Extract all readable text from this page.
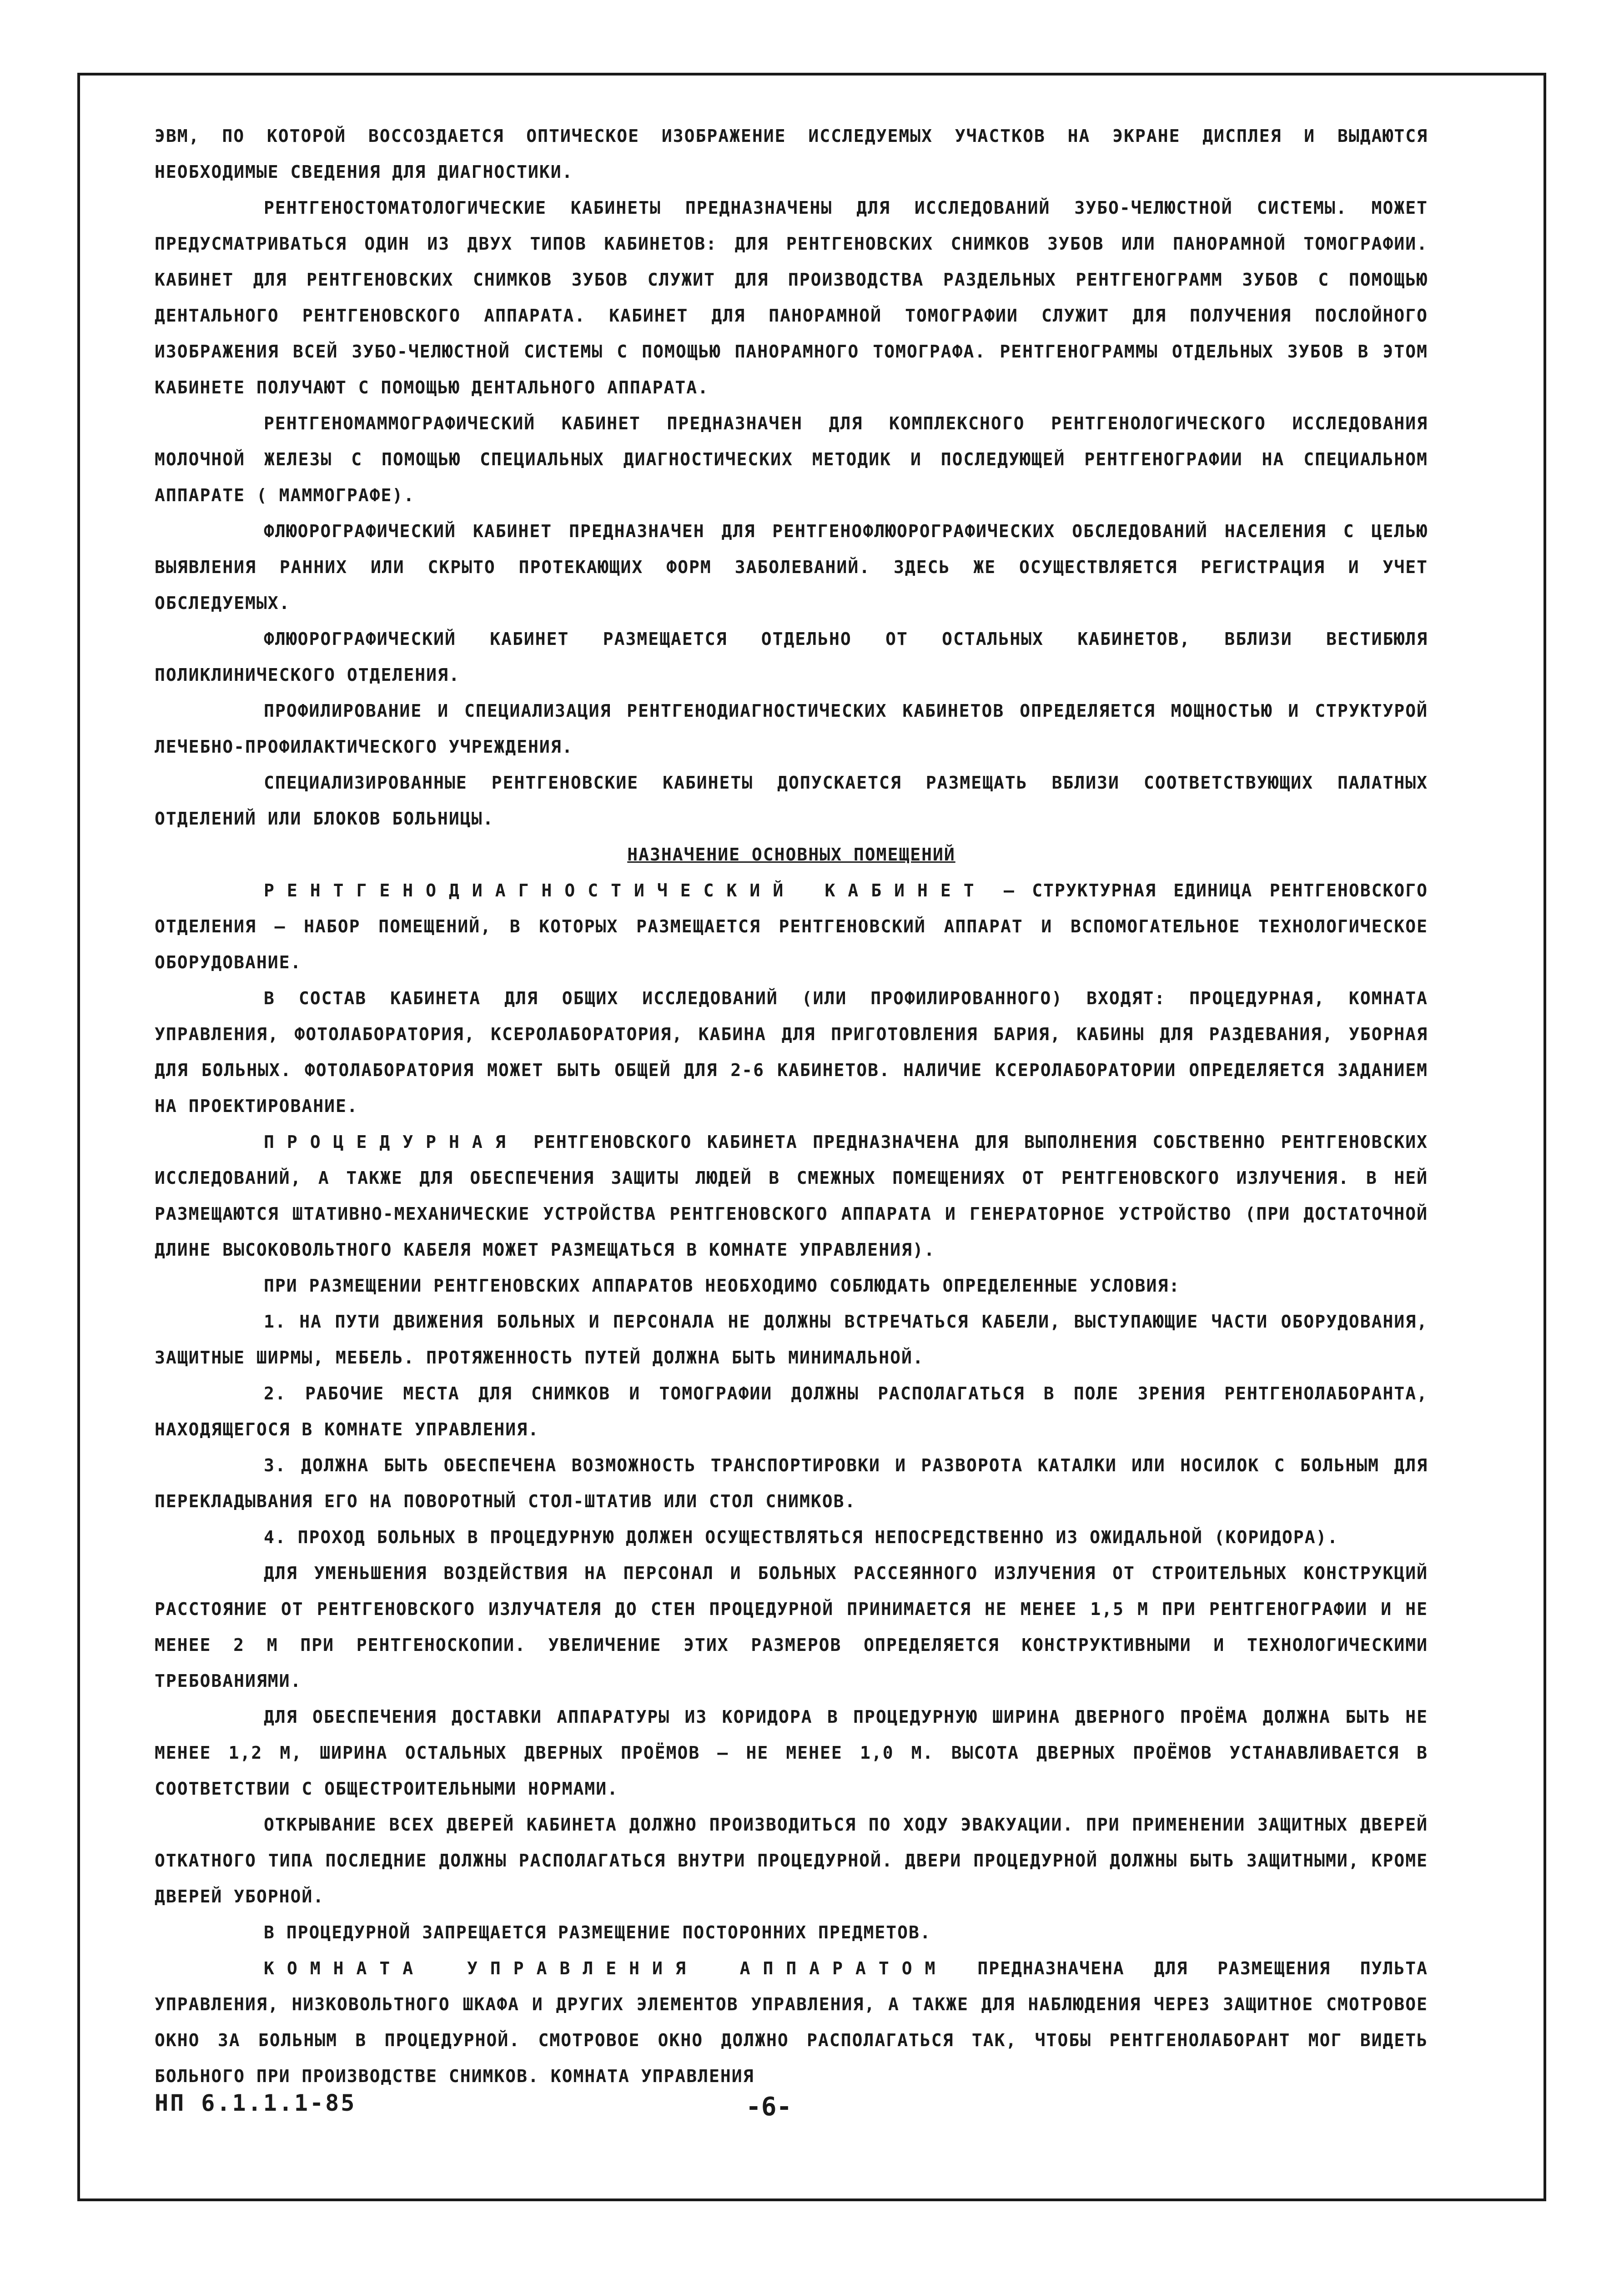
ЭВМ, ПО КОТОРОЙ ВОССОЗДАЕТСЯ ОПТИЧЕСКОЕ ИЗОБРАЖЕНИЕ ИССЛЕДУЕМЫХ УЧАСТКОВ НА ЭКРАНЕ ДИСПЛЕЯ И ВЫДАЮТСЯ НЕОБХОДИМЫЕ СВЕДЕНИЯ ДЛЯ ДИАГНОСТИКИ.

РЕНТГЕНОСТОМАТОЛОГИЧЕСКИЕ КАБИНЕТЫ ПРЕДНАЗНАЧЕНЫ ДЛЯ ИССЛЕДОВАНИЙ ЗУБО-ЧЕЛЮСТНОЙ СИСТЕМЫ. МОЖЕТ ПРЕДУСМАТРИВАТЬСЯ ОДИН ИЗ ДВУХ ТИПОВ КАБИНЕТОВ: ДЛЯ РЕНТГЕНОВСКИХ СНИМКОВ ЗУБОВ ИЛИ ПАНОРАМНОЙ ТОМОГРАФИИ. КАБИНЕТ ДЛЯ РЕНТГЕНОВСКИХ СНИМКОВ ЗУБОВ СЛУЖИТ ДЛЯ ПРОИЗВОДСТВА РАЗДЕЛЬНЫХ РЕНТГЕНОГРАММ ЗУБОВ С ПОМОЩЬЮ ДЕНТАЛЬНОГО РЕНТГЕНОВСКОГО АППАРАТА. КАБИНЕТ ДЛЯ ПАНОРАМНОЙ ТОМОГРАФИИ СЛУЖИТ ДЛЯ ПОЛУЧЕНИЯ ПОСЛОЙНОГО ИЗОБРАЖЕНИЯ ВСЕЙ ЗУБО-ЧЕЛЮСТНОЙ СИСТЕМЫ С ПОМОЩЬЮ ПАНОРАМНОГО ТОМОГРАФА. РЕНТГЕНОГРАММЫ ОТДЕЛЬНЫХ ЗУБОВ В ЭТОМ КАБИНЕТЕ ПОЛУЧАЮТ С ПОМОЩЬЮ ДЕНТАЛЬНОГО АППАРАТА.

РЕНТГЕНОМАММОГРАФИЧЕСКИЙ КАБИНЕТ ПРЕДНАЗНАЧЕН ДЛЯ КОМПЛЕКСНОГО РЕНТГЕНОЛОГИЧЕСКОГО ИССЛЕДОВАНИЯ МОЛОЧНОЙ ЖЕЛЕЗЫ С ПОМОЩЬЮ СПЕЦИАЛЬНЫХ ДИАГНОСТИЧЕСКИХ МЕТОДИК И ПОСЛЕДУЮЩЕЙ РЕНТГЕНОГРАФИИ НА СПЕЦИАЛЬНОМ АППАРАТЕ ( МАММОГРАФЕ).

ФЛЮОРОГРАФИЧЕСКИЙ КАБИНЕТ ПРЕДНАЗНАЧЕН ДЛЯ РЕНТГЕНОФЛЮОРОГРАФИЧЕСКИХ ОБСЛЕДОВАНИЙ НАСЕЛЕНИЯ С ЦЕЛЬЮ ВЫЯВЛЕНИЯ РАННИХ ИЛИ СКРЫТО ПРОТЕКАЮЩИХ ФОРМ ЗАБОЛЕВАНИЙ. ЗДЕСЬ ЖЕ ОСУЩЕСТВЛЯЕТСЯ РЕГИСТРАЦИЯ И УЧЕТ ОБСЛЕДУЕМЫХ.

ФЛЮОРОГРАФИЧЕСКИЙ КАБИНЕТ РАЗМЕЩАЕТСЯ ОТДЕЛЬНО ОТ ОСТАЛЬНЫХ КАБИНЕТОВ, ВБЛИЗИ ВЕСТИБЮЛЯ ПОЛИКЛИНИЧЕСКОГО ОТДЕЛЕНИЯ.

ПРОФИЛИРОВАНИЕ И СПЕЦИАЛИЗАЦИЯ РЕНТГЕНОДИАГНОСТИЧЕСКИХ КАБИНЕТОВ ОПРЕДЕЛЯЕТСЯ МОЩНОСТЬЮ И СТРУКТУРОЙ ЛЕЧЕБНО-ПРОФИЛАКТИЧЕСКОГО УЧРЕЖДЕНИЯ.

СПЕЦИАЛИЗИРОВАННЫЕ РЕНТГЕНОВСКИЕ КАБИНЕТЫ ДОПУСКАЕТСЯ РАЗМЕЩАТЬ ВБЛИЗИ СООТВЕТСТВУЮЩИХ ПАЛАТНЫХ ОТДЕЛЕНИЙ ИЛИ БЛОКОВ БОЛЬНИЦЫ.

НАЗНАЧЕНИЕ ОСНОВНЫХ ПОМЕЩЕНИЙ

РЕНТГЕНОДИАГНОСТИЧЕСКИЙ КАБИНЕТ – СТРУКТУРНАЯ ЕДИНИЦА РЕНТГЕНОВСКОГО ОТДЕЛЕНИЯ – НАБОР ПОМЕЩЕНИЙ, В КОТОРЫХ РАЗМЕЩАЕТСЯ РЕНТГЕНОВСКИЙ АППАРАТ И ВСПОМОГАТЕЛЬНОЕ ТЕХНОЛОГИЧЕСКОЕ ОБОРУДОВАНИЕ.

В СОСТАВ КАБИНЕТА ДЛЯ ОБЩИХ ИССЛЕДОВАНИЙ (ИЛИ ПРОФИЛИРОВАННОГО) ВХОДЯТ: ПРОЦЕДУРНАЯ, КОМНАТА УПРАВЛЕНИЯ, ФОТОЛАБОРАТОРИЯ, КСЕРОЛАБОРАТОРИЯ, КАБИНА ДЛЯ ПРИГОТОВЛЕНИЯ БАРИЯ, КАБИНЫ ДЛЯ РАЗДЕВАНИЯ, УБОРНАЯ ДЛЯ БОЛЬНЫХ. ФОТОЛАБОРАТОРИЯ МОЖЕТ БЫТЬ ОБЩЕЙ ДЛЯ 2-6 КАБИНЕТОВ. НАЛИЧИЕ КСЕРОЛАБОРАТОРИИ ОПРЕДЕЛЯЕТСЯ ЗАДАНИЕМ НА ПРОЕКТИРОВАНИЕ.

ПРОЦЕДУРНАЯ РЕНТГЕНОВСКОГО КАБИНЕТА ПРЕДНАЗНАЧЕНА ДЛЯ ВЫПОЛНЕНИЯ СОБСТВЕННО РЕНТГЕНОВСКИХ ИССЛЕДОВАНИЙ, А ТАКЖЕ ДЛЯ ОБЕСПЕЧЕНИЯ ЗАЩИТЫ ЛЮДЕЙ В СМЕЖНЫХ ПОМЕЩЕНИЯХ ОТ РЕНТГЕНОВСКОГО ИЗЛУЧЕНИЯ. В НЕЙ РАЗМЕЩАЮТСЯ ШТАТИВНО-МЕХАНИЧЕСКИЕ УСТРОЙСТВА РЕНТГЕНОВСКОГО АППАРАТА И ГЕНЕРАТОРНОЕ УСТРОЙСТВО (ПРИ ДОСТАТОЧНОЙ ДЛИНЕ ВЫСОКОВОЛЬТНОГО КАБЕЛЯ МОЖЕТ РАЗМЕЩАТЬСЯ В КОМНАТЕ УПРАВЛЕНИЯ).

ПРИ РАЗМЕЩЕНИИ РЕНТГЕНОВСКИХ АППАРАТОВ НЕОБХОДИМО СОБЛЮДАТЬ ОПРЕДЕЛЕННЫЕ УСЛОВИЯ:

1. НА ПУТИ ДВИЖЕНИЯ БОЛЬНЫХ И ПЕРСОНАЛА НЕ ДОЛЖНЫ ВСТРЕЧАТЬСЯ КАБЕЛИ, ВЫСТУПАЮЩИЕ ЧАСТИ ОБОРУДОВАНИЯ, ЗАЩИТНЫЕ ШИРМЫ, МЕБЕЛЬ. ПРОТЯЖЕННОСТЬ ПУТЕЙ ДОЛЖНА БЫТЬ МИНИМАЛЬНОЙ.

2. РАБОЧИЕ МЕСТА ДЛЯ СНИМКОВ И ТОМОГРАФИИ ДОЛЖНЫ РАСПОЛАГАТЬСЯ В ПОЛЕ ЗРЕНИЯ РЕНТГЕНОЛАБОРАНТА, НАХОДЯЩЕГОСЯ В КОМНАТЕ УПРАВЛЕНИЯ.

3. ДОЛЖНА БЫТЬ ОБЕСПЕЧЕНА ВОЗМОЖНОСТЬ ТРАНСПОРТИРОВКИ И РАЗВОРОТА КАТАЛКИ ИЛИ НОСИЛОК С БОЛЬНЫМ ДЛЯ ПЕРЕКЛАДЫВАНИЯ ЕГО НА ПОВОРОТНЫЙ СТОЛ-ШТАТИВ ИЛИ СТОЛ СНИМКОВ.

4. ПРОХОД БОЛЬНЫХ В ПРОЦЕДУРНУЮ ДОЛЖЕН ОСУЩЕСТВЛЯТЬСЯ НЕПОСРЕДСТВЕННО ИЗ ОЖИДАЛЬНОЙ (КОРИДОРА).

ДЛЯ УМЕНЬШЕНИЯ ВОЗДЕЙСТВИЯ НА ПЕРСОНАЛ И БОЛЬНЫХ РАССЕЯННОГО ИЗЛУЧЕНИЯ ОТ СТРОИТЕЛЬНЫХ КОНСТРУКЦИЙ РАССТОЯНИЕ ОТ РЕНТГЕНОВСКОГО ИЗЛУЧАТЕЛЯ ДО СТЕН ПРОЦЕДУРНОЙ ПРИНИМАЕТСЯ НЕ МЕНЕЕ 1,5 М ПРИ РЕНТГЕНОГРАФИИ И НЕ МЕНЕЕ 2 М ПРИ РЕНТГЕНОСКОПИИ. УВЕЛИЧЕНИЕ ЭТИХ РАЗМЕРОВ ОПРЕДЕЛЯЕТСЯ КОНСТРУКТИВНЫМИ И ТЕХНОЛОГИЧЕСКИМИ ТРЕБОВАНИЯМИ.

ДЛЯ ОБЕСПЕЧЕНИЯ ДОСТАВКИ АППАРАТУРЫ ИЗ КОРИДОРА В ПРОЦЕДУРНУЮ ШИРИНА ДВЕРНОГО ПРОЁМА ДОЛЖНА БЫТЬ НЕ МЕНЕЕ 1,2 М, ШИРИНА ОСТАЛЬНЫХ ДВЕРНЫХ ПРОЁМОВ – НЕ МЕНЕЕ 1,0 М. ВЫСОТА ДВЕРНЫХ ПРОЁМОВ УСТАНАВЛИВАЕТСЯ В СООТВЕТСТВИИ С ОБЩЕСТРОИТЕЛЬНЫМИ НОРМАМИ.

ОТКРЫВАНИЕ ВСЕХ ДВЕРЕЙ КАБИНЕТА ДОЛЖНО ПРОИЗВОДИТЬСЯ ПО ХОДУ ЭВАКУАЦИИ. ПРИ ПРИМЕНЕНИИ ЗАЩИТНЫХ ДВЕРЕЙ ОТКАТНОГО ТИПА ПОСЛЕДНИЕ ДОЛЖНЫ РАСПОЛАГАТЬСЯ ВНУТРИ ПРОЦЕДУРНОЙ. ДВЕРИ ПРОЦЕДУРНОЙ ДОЛЖНЫ БЫТЬ ЗАЩИТНЫМИ, КРОМЕ ДВЕРЕЙ УБОРНОЙ.

В ПРОЦЕДУРНОЙ ЗАПРЕЩАЕТСЯ РАЗМЕЩЕНИЕ ПОСТОРОННИХ ПРЕДМЕТОВ.

КОМНАТА УПРАВЛЕНИЯ АППАРАТОМ ПРЕДНАЗНАЧЕНА ДЛЯ РАЗМЕЩЕНИЯ ПУЛЬТА УПРАВЛЕНИЯ, НИЗКОВОЛЬТНОГО ШКАФА И ДРУГИХ ЭЛЕМЕНТОВ УПРАВЛЕНИЯ, А ТАКЖЕ ДЛЯ НАБЛЮДЕНИЯ ЧЕРЕЗ ЗАЩИТНОЕ СМОТРОВОЕ ОКНО ЗА БОЛЬНЫМ В ПРОЦЕДУРНОЙ. СМОТРОВОЕ ОКНО ДОЛЖНО РАСПОЛАГАТЬСЯ ТАК, ЧТОБЫ РЕНТГЕНОЛАБОРАНТ МОГ ВИДЕТЬ БОЛЬНОГО ПРИ ПРОИЗВОДСТВЕ СНИМКОВ. КОМНАТА УПРАВЛЕНИЯ

НП 6.1.1.1-85	-6-
